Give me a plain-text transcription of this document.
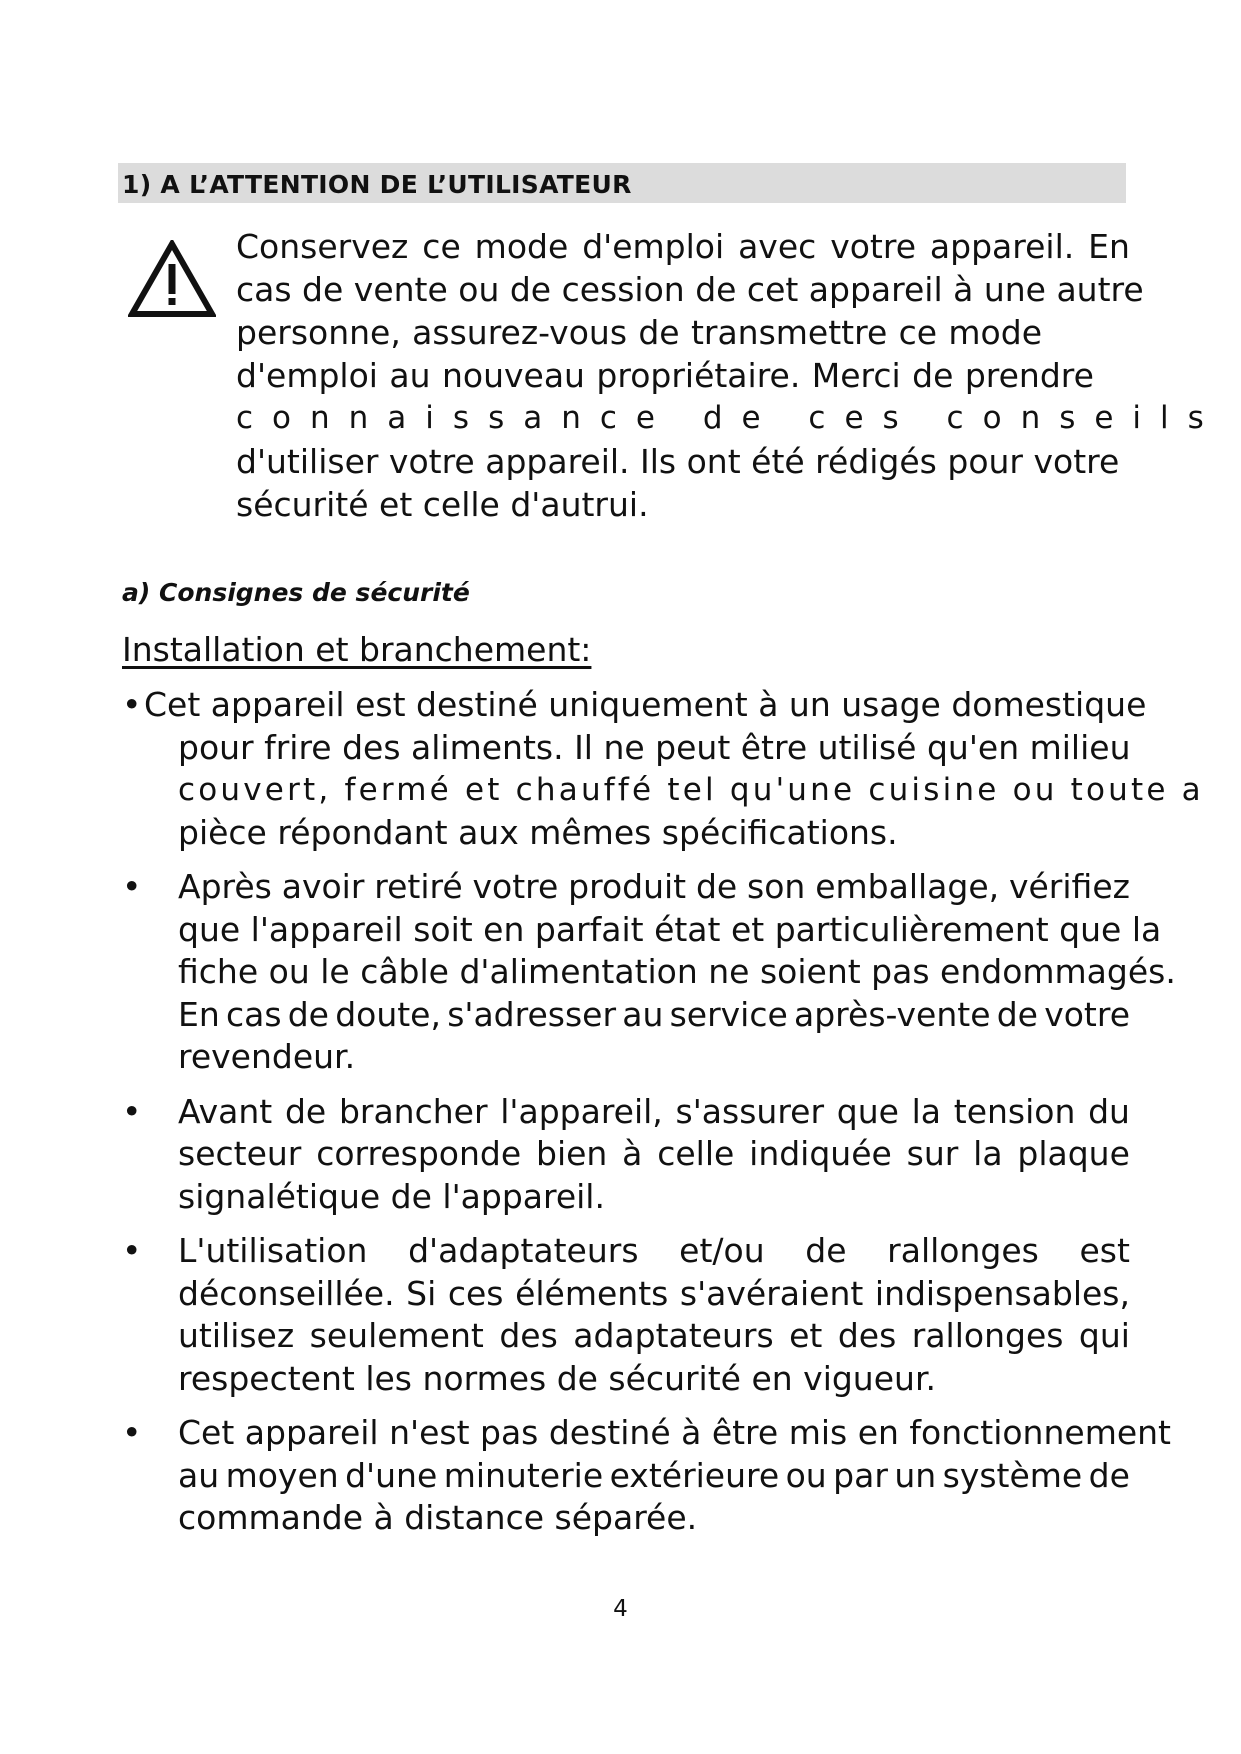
1) A L’ATTENTION DE L’UTILISATEUR
Conservez ce mode d'emploi avec votre appareil. En
cas de vente ou de cession de cet appareil à une autre
personne, assurez-vous de transmettre ce mode
d'emploi au nouveau propriétaire. Merci de prendre
connaissance de ces conseils
d'utiliser votre appareil. Ils ont été rédigés pour votre
sécurité et celle d'autrui.
a) Consignes de sécurité
Installation et branchement:
• Cet appareil est destiné uniquement à un usage domestique
pour frire des aliments. Il ne peut être utilisé qu'en milieu
couvert, fermé et chauffé tel qu'une cuisine ou toute a
pièce répondant aux mêmes spécifications.
• Après avoir retiré votre produit de son emballage, vérifiez
que l'appareil soit en parfait état et particulièrement que la
fiche ou le câble d'alimentation ne soient pas endommagés.
En cas de doute, s'adresser au service après-vente de votre
revendeur.
• Avant de brancher l'appareil, s'assurer que la tension du
secteur corresponde bien à celle indiquée sur la plaque
signalétique de l'appareil.
• L'utilisation d'adaptateurs et/ou de rallonges est
déconseillée. Si ces éléments s'avéraient indispensables,
utilisez seulement des adaptateurs et des rallonges qui
respectent les normes de sécurité en vigueur.
• Cet appareil n'est pas destiné à être mis en fonctionnement
au moyen d'une minuterie extérieure ou par un système de
commande à distance séparée.
4
